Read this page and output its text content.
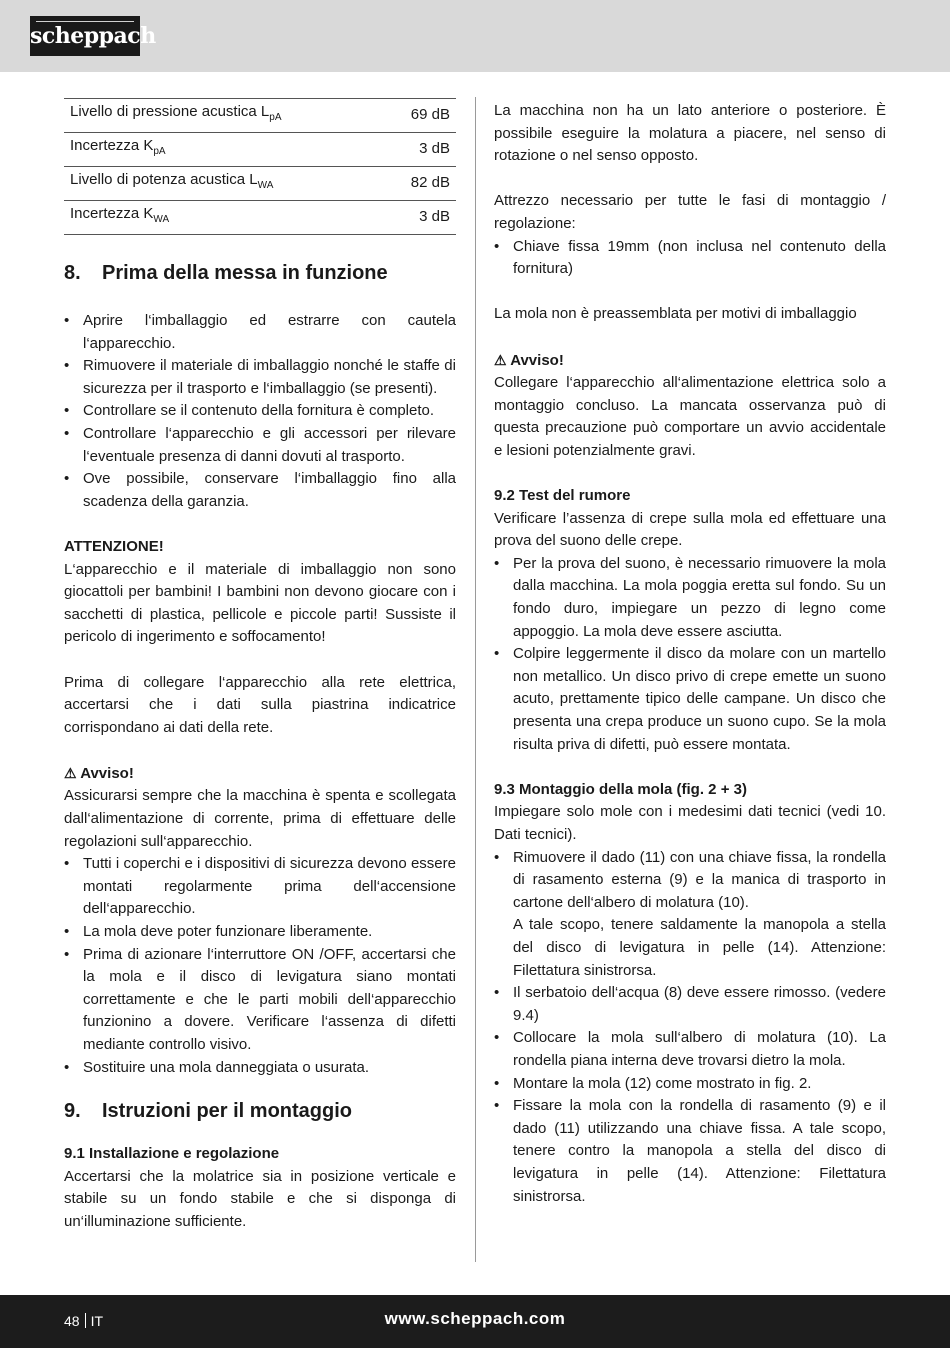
scheppach
Livello di pressione acustica $L_{pA}$	69 dB
Incertezza $K_{pA}$	3 dB
Livello di potenza acustica $L_{WA}$	82 dB
Incertezza $K_{WA}$	3 dB
8. Prima della messa in funzione
• Aprire l‘imballaggio ed estrarre con cautela l‘apparecchio.
• Rimuovere il materiale di imballaggio nonché le staffe di sicurezza per il trasporto e l‘imballaggio (se presenti).
• Controllare se il contenuto della fornitura è completo.
• Controllare l‘apparecchio e gli accessori per rilevare l‘eventuale presenza di danni dovuti al trasporto.
• Ove possibile, conservare l‘imballaggio fino alla scadenza della garanzia.
ATTENZIONE!

L‘apparecchio e il materiale di imballaggio non sono giocattoli per bambini! I bambini non devono giocare con i sacchetti di plastica, pellicole e piccole parti! Sussiste il pericolo di ingerimento e soffocamento!

Prima di collegare l‘apparecchio alla rete elettrica, accertarsi che i dati sulla piastrina indicatrice corrispondano ai dati della rete.

⚠ Avviso!

Assicurarsi sempre che la macchina è spenta e scollegata dall‘alimentazione di corrente, prima di effettuare delle regolazioni sull‘apparecchio.

• Tutti i coperchi e i dispositivi di sicurezza devono essere montati regolarmente prima dell‘accensione dell‘apparecchio.
• La mola deve poter funzionare liberamente.
• Prima di azionare l‘interruttore ON /OFF, accertarsi che la mola e il disco di levigatura siano montati correttamente e che le parti mobili dell‘apparecchio funzionino a dovere. Verificare l‘assenza di difetti mediante controllo visivo.
• Sostituire una mola danneggiata o usurata.
9. Istruzioni per il montaggio
9.1 Installazione e regolazione

Accertarsi che la molatrice sia in posizione verticale e stabile su un fondo stabile e che si disponga di un‘illuminazione sufficiente.

La macchina non ha un lato anteriore o posteriore. È possibile eseguire la molatura a piacere, nel senso di rotazione o nel senso opposto.

Attrezzo necessario per tutte le fasi di montaggio / regolazione:

• Chiave fissa 19mm (non inclusa nel contenuto della fornitura)

La mola non è preassemblata per motivi di imballaggio

⚠ Avviso!

Collegare l‘apparecchio all‘alimentazione elettrica solo a montaggio concluso. La mancata osservanza può di questa precauzione può comportare un avvio accidentale e lesioni potenzialmente gravi.

9.2 Test del rumore

Verificare l’assenza di crepe sulla mola ed effettuare una prova del suono delle crepe.

• Per la prova del suono, è necessario rimuovere la mola dalla macchina. La mola poggia eretta sul fondo. Su un fondo duro, impiegare un pezzo di legno come appoggio. La mola deve essere asciutta.
• Colpire leggermente il disco da molare con un martello non metallico. Un disco privo di crepe emette un suono acuto, prettamente tipico delle campane. Un disco che presenta una crepa produce un suono cupo. Se la mola risulta priva di difetti, può essere montata.
9.3 Montaggio della mola (fig. 2 + 3)

Impiegare solo mole con i medesimi dati tecnici (vedi 10. Dati tecnici).

• Rimuovere il dado (11) con una chiave fissa, la rondella di rasamento esterna (9) e la manica di trasporto in cartone dell‘albero di molatura (10).
A tale scopo, tenere saldamente la manopola a stella del disco di levigatura in pelle (14). Attenzione: Filettatura sinistrorsa.
• Il serbatoio dell‘acqua (8) deve essere rimosso. (vedere 9.4)
• Collocare la mola sull‘albero di molatura (10). La rondella piana interna deve trovarsi dietro la mola.
• Montare la mola (12) come mostrato in fig. 2.
• Fissare la mola con la rondella di rasamento (9) e il dado (11) utilizzando una chiave fissa. A tale scopo, tenere contro la manopola a stella del disco di levigatura in pelle (14). Attenzione: Filettatura sinistrorsa.
48 IT	www.scheppach.com
